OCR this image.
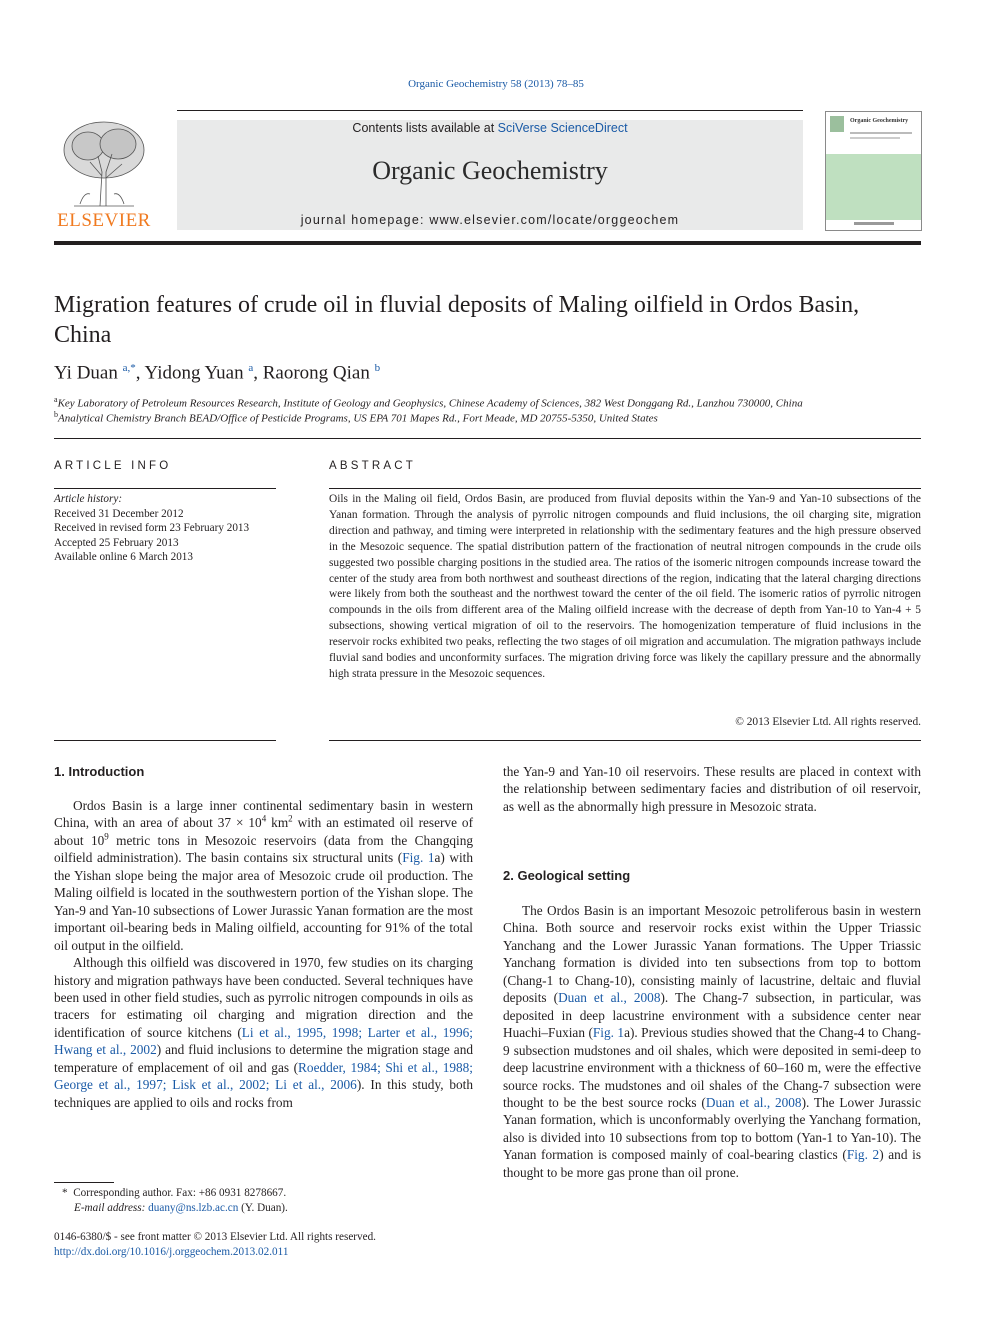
Organic Geochemistry 58 (2013) 78–85
ELSEVIER
Contents lists available at SciVerse ScienceDirect
Organic Geochemistry
journal homepage: www.elsevier.com/locate/orggeochem
Organic Geochemistry
Migration features of crude oil in fluvial deposits of Maling oilfield in Ordos Basin, China
Yi Duan $^{a,*}$, Yidong Yuan $^a$, Raorong Qian $^b$
$^a$Key Laboratory of Petroleum Resources Research, Institute of Geology and Geophysics, Chinese Academy of Sciences, 382 West Donggang Rd., Lanzhou 730000, China
$^b$Analytical Chemistry Branch BEAD/Office of Pesticide Programs, US EPA 701 Mapes Rd., Fort Meade, MD 20755-5350, United States
ARTICLE INFO
Article history:
Received 31 December 2012
Received in revised form 23 February 2013
Accepted 25 February 2013
Available online 6 March 2013
ABSTRACT
Oils in the Maling oil field, Ordos Basin, are produced from fluvial deposits within the Yan-9 and Yan-10 subsections of the Yanan formation. Through the analysis of pyrrolic nitrogen compounds and fluid inclusions, the oil charging site, migration direction and pathway, and timing were interpreted in relationship with the sedimentary features and the high pressure observed in the Mesozoic sequence. The spatial distribution pattern of the fractionation of neutral nitrogen compounds in the crude oils suggested two possible charging positions in the studied area. The ratios of the isomeric nitrogen compounds increase toward the center of the study area from both northwest and southeast directions of the region, indicating that the lateral charging directions were likely from both the southeast and the northwest toward the center of the oil field. The isomeric ratios of pyrrolic nitrogen compounds in the oils from different area of the Maling oilfield increase with the decrease of depth from Yan-10 to Yan-4 + 5 subsections, showing vertical migration of oil to the reservoirs. The homogenization temperature of fluid inclusions in the reservoir rocks exhibited two peaks, reflecting the two stages of oil migration and accumulation. The migration pathways include fluvial sand bodies and unconformity surfaces. The migration driving force was likely the capillary pressure and the abnormally high strata pressure in the Mesozoic sequences.
© 2013 Elsevier Ltd. All rights reserved.
1. Introduction

Ordos Basin is a large inner continental sedimentary basin in western China, with an area of about $37 \times 10^4$ $km^2$ with an estimated oil reserve of about $10^9$ metric tons in Mesozoic reservoirs (data from the Changqing oilfield administration). The basin contains six structural units (Fig. 1a) with the Yishan slope being the major area of Mesozoic crude oil production. The Maling oilfield is located in the southwestern portion of the Yishan slope. The Yan-9 and Yan-10 subsections of Lower Jurassic Yanan formation are the most important oil-bearing beds in Maling oilfield, accounting for 91% of the total oil output in the oilfield.

Although this oilfield was discovered in 1970, few studies on its charging history and migration pathways have been conducted. Several techniques have been used in other field studies, such as pyrrolic nitrogen compounds in oils as tracers for estimating oil charging and migration direction and the identification of source kitchens (Li et al., 1995, 1998; Larter et al., 1996; Hwang et al., 2002) and fluid inclusions to determine the migration stage and temperature of emplacement of oil and gas (Roedder, 1984; Shi et al., 1988; George et al., 1997; Lisk et al., 2002; Li et al., 2006). In this study, both techniques are applied to oils and rocks from

*  Corresponding author. Fax: +86 0931 8278667.
E-mail address: duany@ns.lzb.ac.cn (Y. Duan).
0146-6380/$ - see front matter © 2013 Elsevier Ltd. All rights reserved.
http://dx.doi.org/10.1016/j.orggeochem.2013.02.011

the Yan-9 and Yan-10 oil reservoirs. These results are placed in context with the relationship between sedimentary facies and distribution of oil reservoir, as well as the abnormally high pressure in Mesozoic strata.

2. Geological setting

The Ordos Basin is an important Mesozoic petroliferous basin in western China. Both source and reservoir rocks exist within the Upper Triassic Yanchang and the Lower Jurassic Yanan formations. The Upper Triassic Yanchang formation is divided into ten subsections from top to bottom (Chang-1 to Chang-10), consisting mainly of lacustrine, deltaic and fluvial deposits (Duan et al., 2008). The Chang-7 subsection, in particular, was deposited in deep lacustrine environment with a subsidence center near Huachi–Fuxian (Fig. 1a). Previous studies showed that the Chang-4 to Chang-9 subsection mudstones and oil shales, which were deposited in semi-deep to deep lacustrine environment with a thickness of 60–160 m, were the effective source rocks. The mudstones and oil shales of the Chang-7 subsection were thought to be the best source rocks (Duan et al., 2008). The Lower Jurassic Yanan formation, which is unconformably overlying the Yanchang formation, also is divided into 10 subsections from top to bottom (Yan-1 to Yan-10). The Yanan formation is composed mainly of coal-bearing clastics (Fig. 2) and is thought to be more gas prone than oil prone.
